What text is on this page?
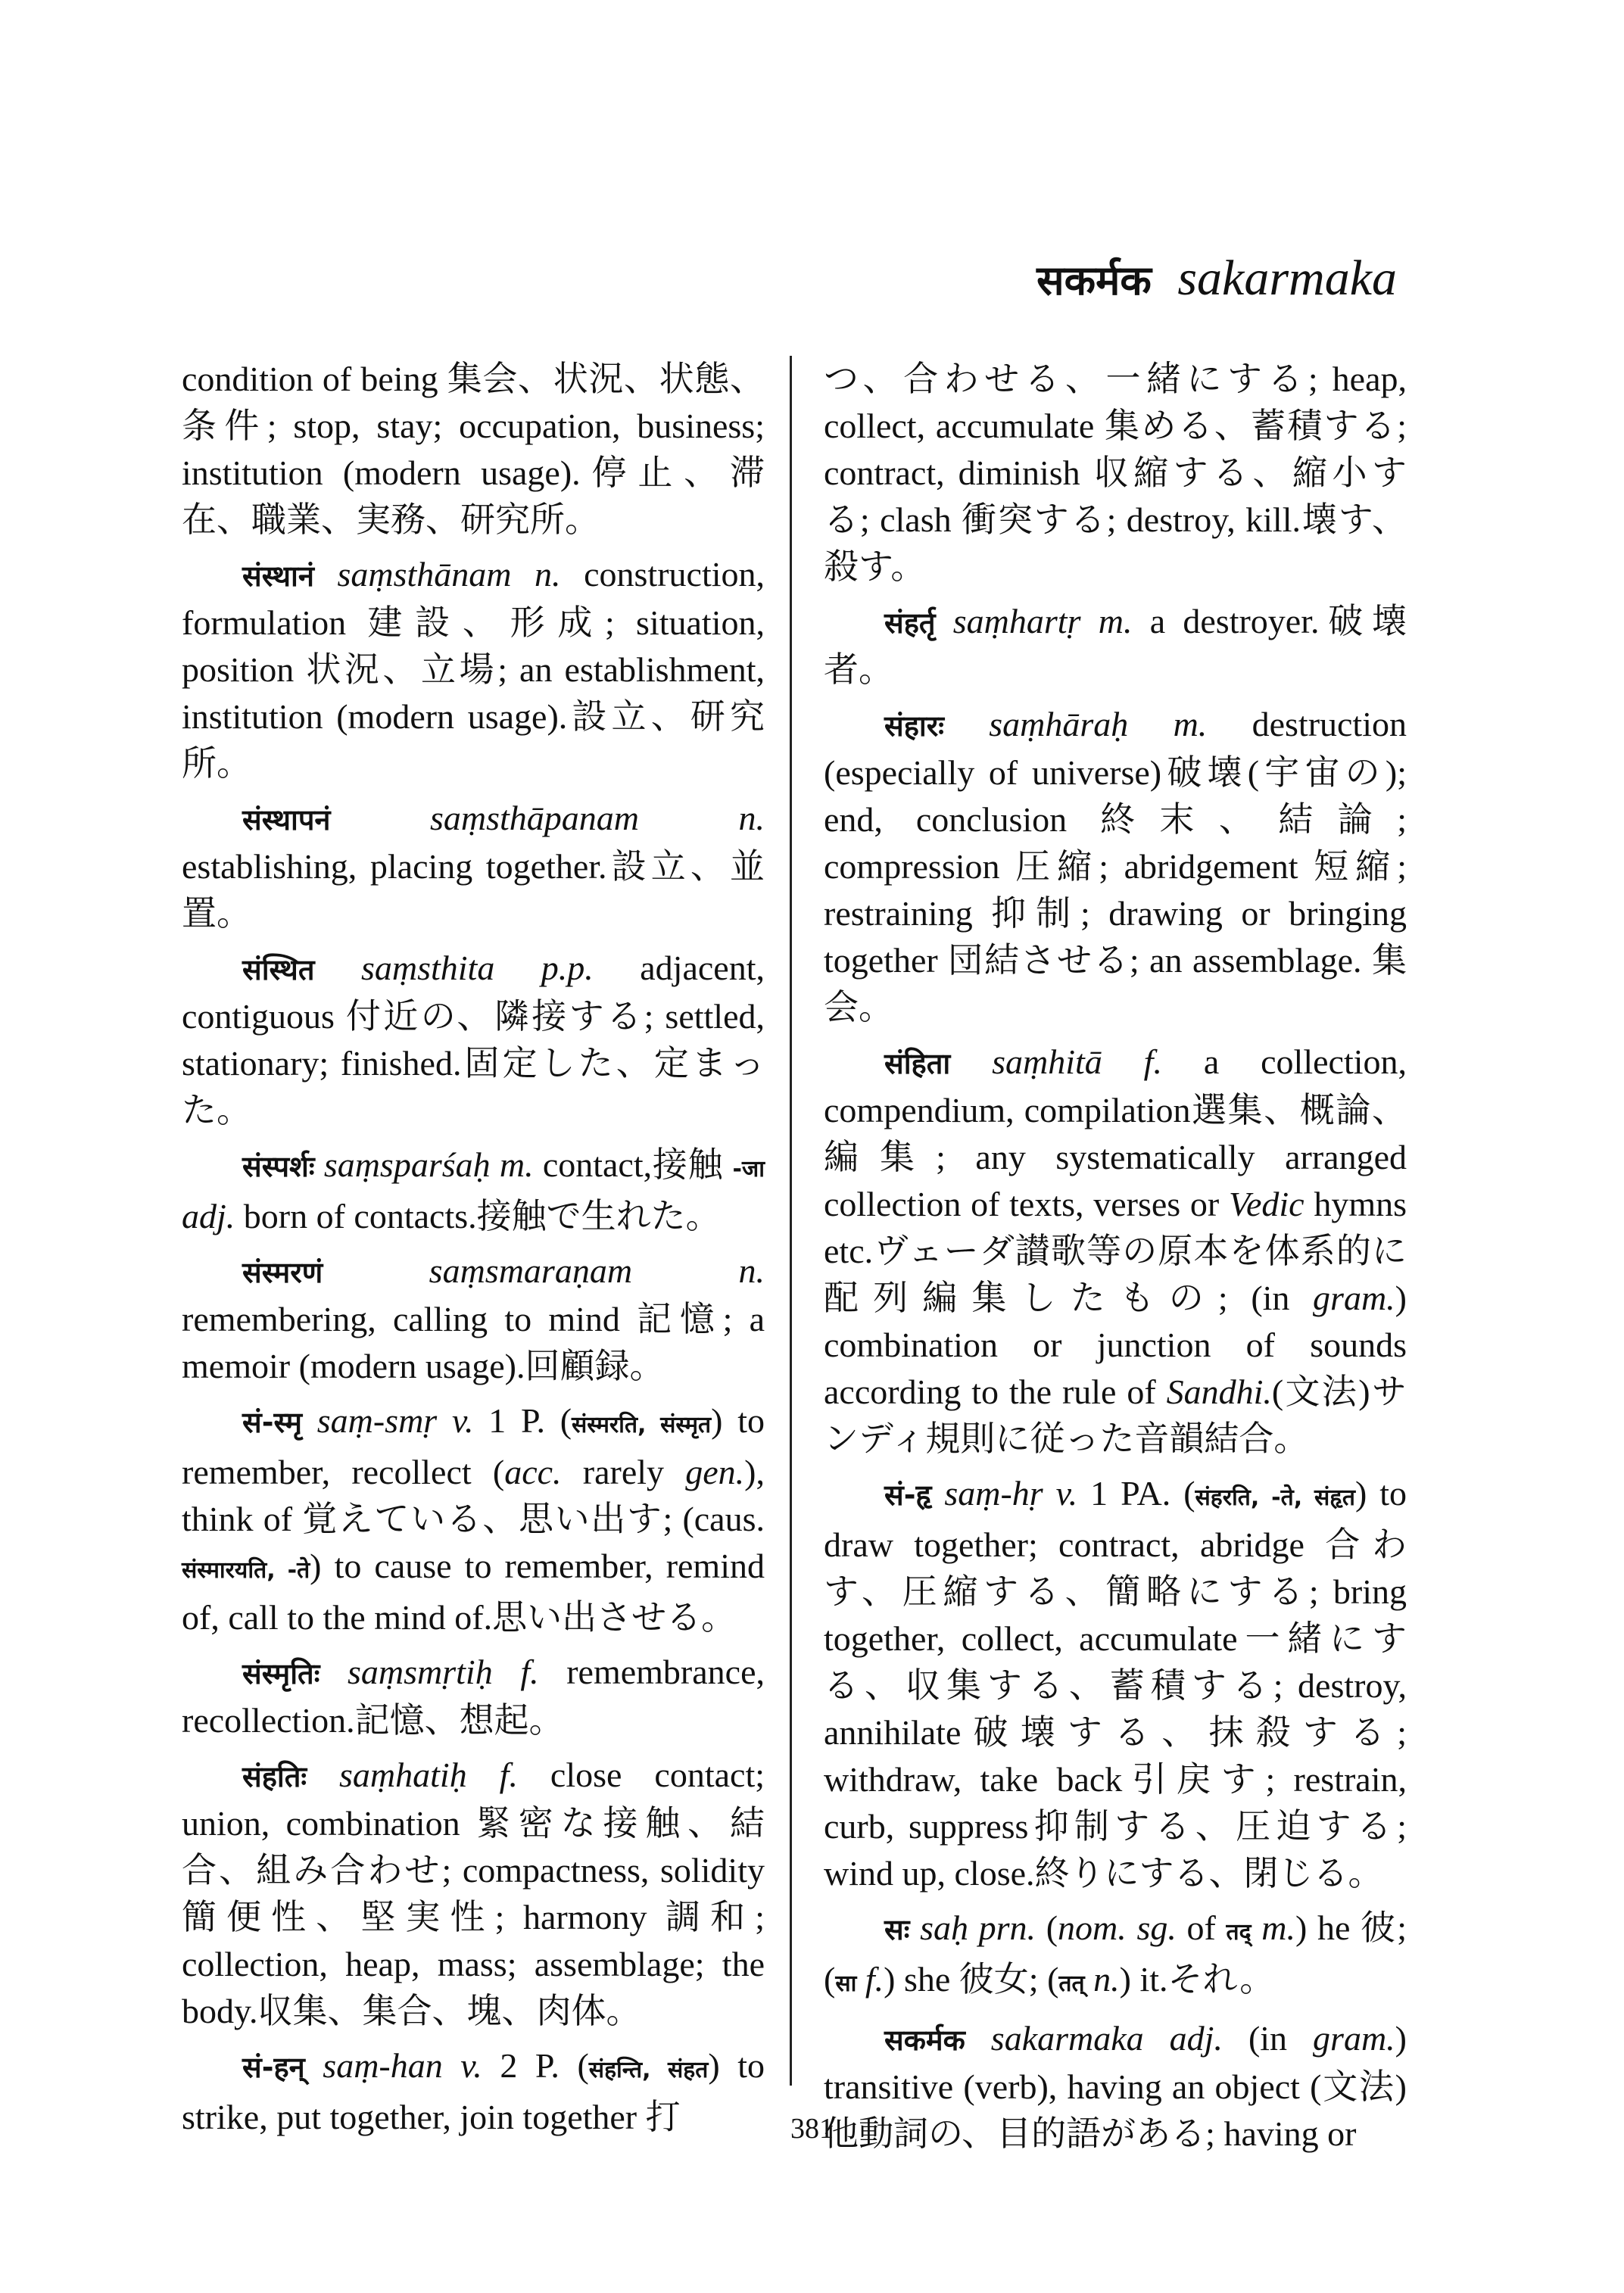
सकर्मक sakarmaka

condition of being 集会、状況、状態、条件; stop, stay; occupation, business; institution (modern usage).停止、滞在、職業、実務、研究所。

संस्थानं saṃsthānam n. construction, formulation 建設、形成; situation, position 状況、立場; an establishment, institution (modern usage).設立、研究所。

संस्थापनं	saṃsthāpanam n. establishing, placing together.設立、並置。

संस्थित saṃsthita p.p. adjacent, contiguous 付近の、隣接する; settled, stationary; finished.固定した、定まった。

संस्पर्शः saṃsparśaḥ m. contact,接触 -जा adj. born of contacts.接触で生れた。

संस्मरणं	saṃsmaraṇam n. remembering, calling to mind 記憶; a memoir (modern usage).回顧録。

सं-स्मृ saṃ-smṛ v. 1 P. (संस्मरति, संस्मृत) to remember, recollect (acc. rarely gen.), think of 覚えている、思い出す; (caus. संस्मारयति, -ते) to cause to remember, remind of, call to the mind of.思い出させる。

संस्मृतिः saṃsmṛtiḥ f. remembrance, recollection.記憶、想起。

संहतिः saṃhatiḥ f. close contact; union, combination 緊密な接触、結合、組み合わせ; compactness, solidity 簡便性、堅実性; harmony 調和; collection, heap, mass; assemblage; the body.収集、集合、塊、肉体。

सं-हन् saṃ-han v. 2 P. (संहन्ति, संहत) to strike, put together, join together 打

つ、合わせる、一緒にする; heap, collect, accumulate 集める、蓄積する; contract, diminish 収縮する、縮小する; clash 衝突する; destroy, kill.壊す、殺す。

संहर्तृ saṃhartṛ m. a destroyer.破壊者。

संहारः saṃhāraḥ m. destruction (especially of universe)破壊(宇宙の); end, conclusion 終末、結論; compression 圧縮; abridgement 短縮; restraining 抑制; drawing or bringing together 団結させる; an assemblage. 集会。

संहिता saṃhitā f. a collection, compendium, compilation選集、概論、編集; any systematically arranged collection of texts, verses or Vedic hymns etc.ヴェーダ讃歌等の原本を体系的に配列編集したもの; (in gram.) combination or junction of sounds according to the rule of Sandhi.(文法)サンディ規則に従った音韻結合。

सं-हृ saṃ-hṛ v. 1 PA. (संहरति, -ते, संहृत) to draw together; contract, abridge 合わす、圧縮する、簡略にする; bring together, collect, accumulate一緒にする、収集する、蓄積する; destroy, annihilate破壊する、抹殺する; withdraw, take back引戻す; restrain, curb, suppress抑制する、圧迫する; wind up, close.終りにする、閉じる。

सः saḥ prn. (nom. sg. of तद् m.) he 彼; (सा f.) she 彼女; (तत् n.) it.それ。

सकर्मक sakarmaka adj. (in gram.) transitive (verb), having an object (文法) 他動詞の、目的語がある; having or

381
